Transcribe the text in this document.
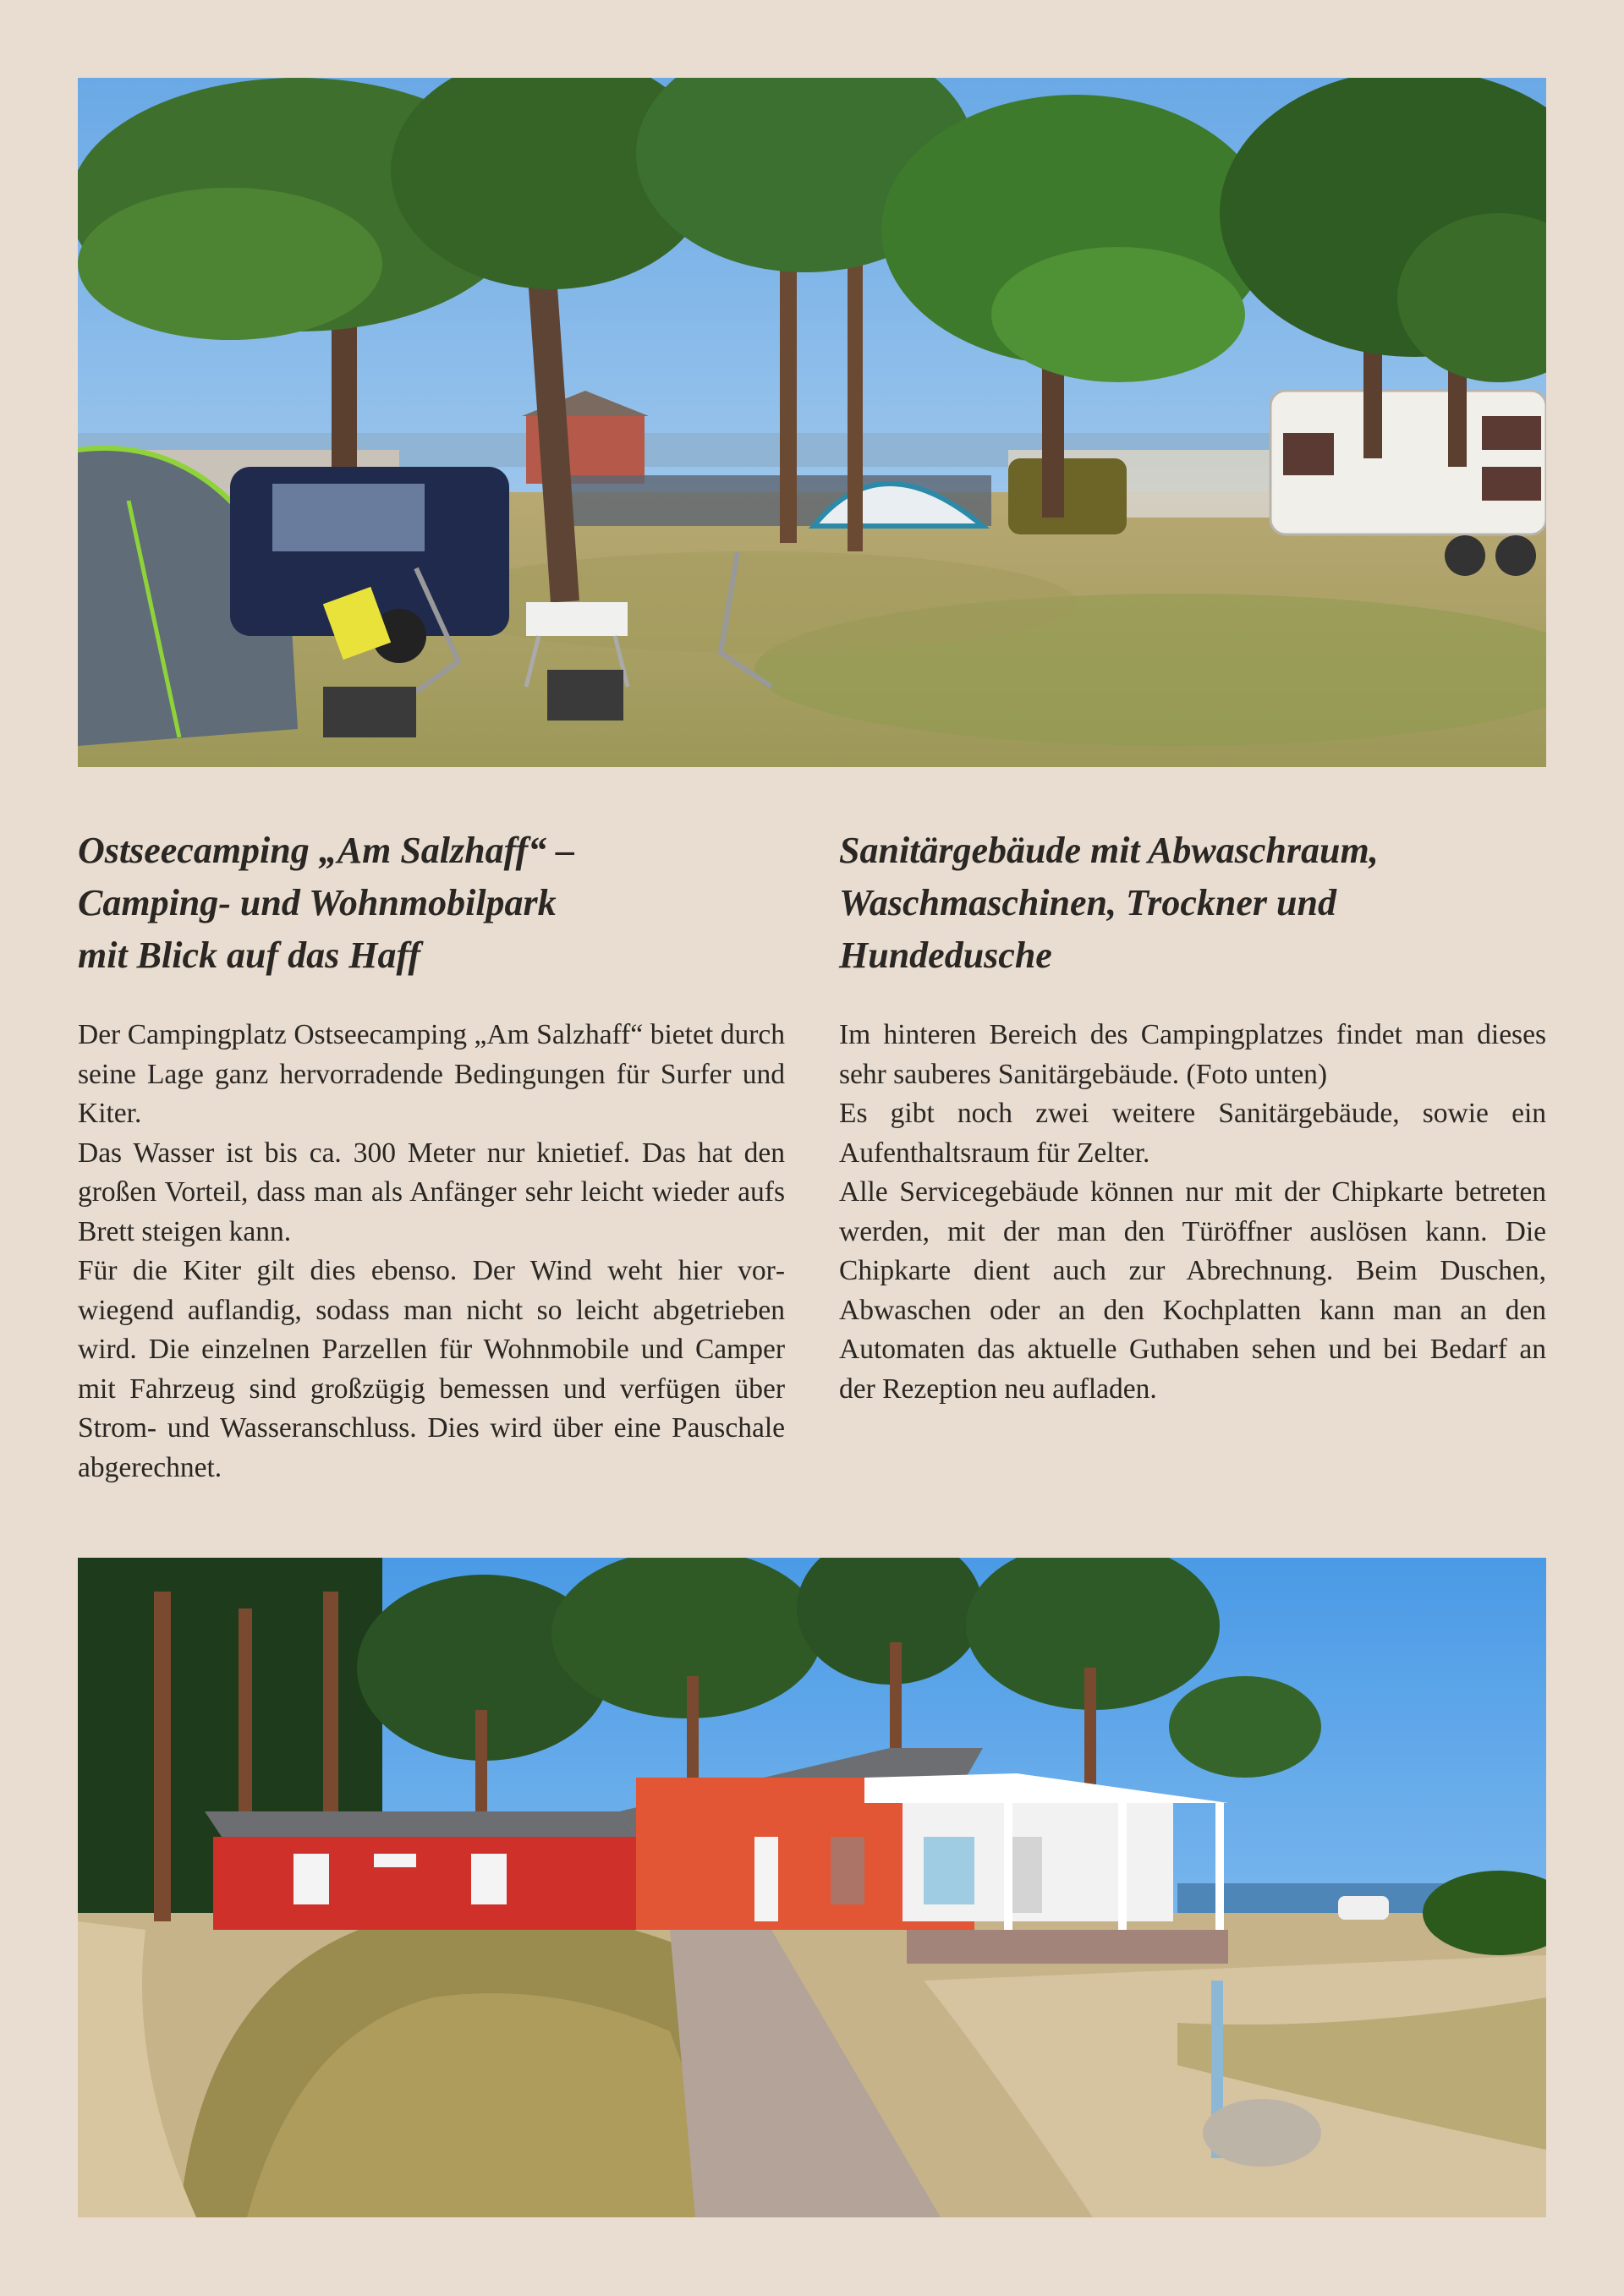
Ostseecamping „Am Salzhaff“ –
Camping- und Wohnmobilpark
mit Blick auf das Haff

Der Campingplatz Ostseecamping „Am Salzhaff“ bietet durch seine Lage ganz hervorradende Bedingungen für Surfer und Kiter.

Das Wasser ist bis ca. 300 Meter nur knietief. Das hat den großen Vorteil, dass man als Anfänger sehr leicht wieder aufs Brett steigen kann.

Für die Kiter gilt dies ebenso. Der Wind weht hier vorwiegend auflandig, sodass man nicht so leicht abgetrieben wird. Die einzelnen Parzellen für Wohnmobile und Camper mit Fahrzeug sind großzügig bemessen und verfügen über Strom- und Wasseranschluss. Dies wird über eine Pauschale abgerechnet.

Sanitärgebäude mit Abwaschraum,
Waschmaschinen, Trockner und
Hundedusche

Im hinteren Bereich des Campingplatzes findet man dieses sehr sauberes Sanitärgebäude. (Foto unten)

Es gibt noch zwei weitere Sanitärgebäude, sowie ein Aufenthaltsraum für Zelter.

Alle Servicegebäude können nur mit der Chipkarte betreten werden, mit der man den Türöffner auslösen kann. Die Chipkarte dient auch zur Abrechnung. Beim Duschen, Abwaschen oder an den Kochplatten kann man an den Automaten das aktuelle Guthaben sehen und bei Bedarf an der Rezeption neu aufladen.
